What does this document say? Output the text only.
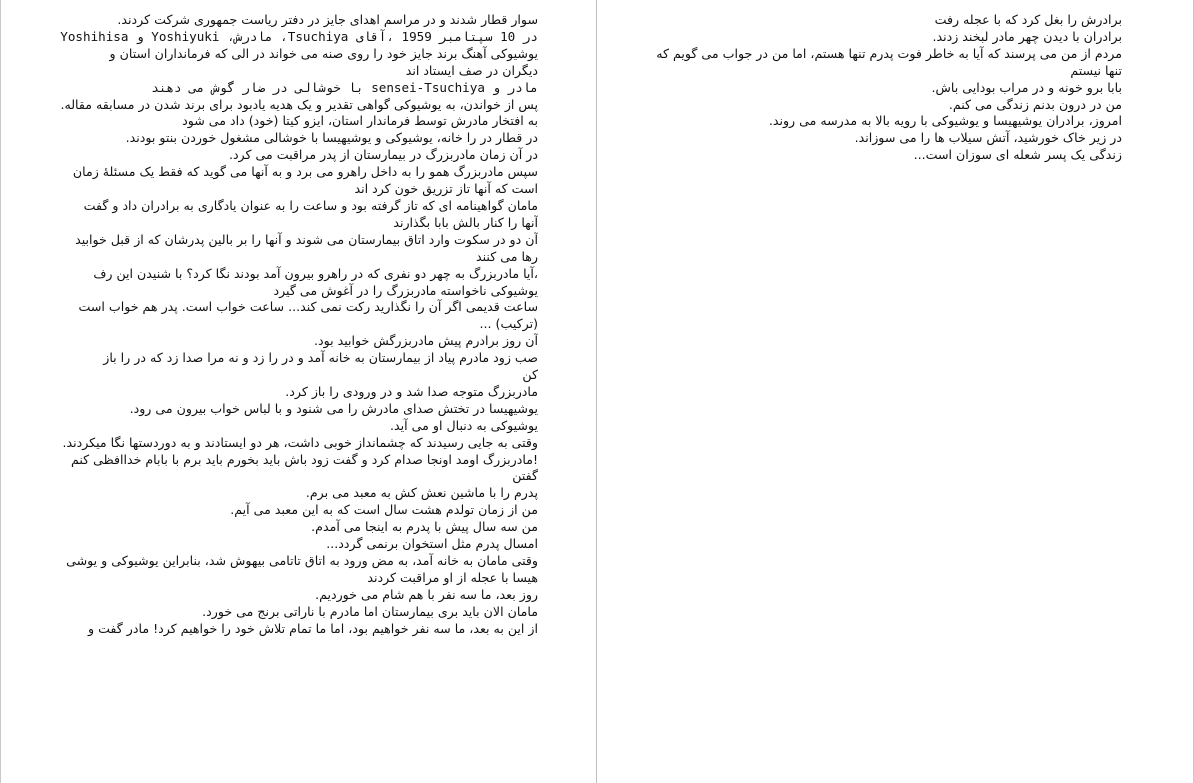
سوار قطار شدند و در مراسم اهدای جایز در دفتر ریاست جمهوری شرکت کردند.
در 10 سپتامبر 1959 ،آقای Tsuchiya، مادرش، Yoshiyuki و Yoshihisa
یوشیوکی آهنگ برند جایز خود را روی صنه می خواند در الی که فرمانداران استان و
دیگران در صف ایستاد اند
مادر و sensei-Tsuchiya با خوشالی در ضار گوش می دهند
پس از خواندن، به یوشیوکی گواهی تقدیر و یک هدیه یادبود برای برند شدن در مسابقه مقاله.
به افتخار مادرش توسط فرماندار استان، ایزو کیتا (خود) داد می شود
در قطار در را خانه، یوشیوکی و یوشیهیسا با خوشالی مشغول خوردن بنتو بودند.
در آن زمان مادربزرگ در بیمارستان از پدر مراقبت می کرد.
سپس مادربزرگ همو را به داخل راهرو می برد و به آنها می گوید که فقط یک مسئلهٔ زمان
است که آنها تاز تزریق خون کرد اند
مامان گواهینامه ای که تاز گرفته بود و ساعت را به عنوان یادگاری به برادران داد و گفت
آنها را کنار بالش بابا بگذارند
آن دو در سکوت وارد اتاق بیمارستان می شوند و آنها را بر بالین پدرشان که از قبل خوابید
رها می کنند
،آیا مادربزرگ به چهر دو نفری که در راهرو بیرون آمد بودند نگا کرد؟ با شنیدن این رف
یوشیوکی ناخواسته مادربزرگ را در آغوش می گیرد
ساعت قدیمی اگر آن را نگذارید رکت نمی کند... ساعت خواب است. پدر هم خواب است
(ترکیب) ...
آن روز برادرم پیش مادربزرگش خوابید بود.
صب زود مادرم پیاد از بیمارستان به خانه آمد و در را زد و نه مرا صدا زد که در را باز
کن
مادربزرگ متوجه صدا شد و در ورودی را باز کرد.
یوشیهیسا در تختش صدای مادرش را می شنود و با لباس خواب بیرون می رود.
یوشیوکی به دنبال او می آید.
وقتی به جایی رسیدند که چشمانداز خوبی داشت، هر دو ایستادند و به دوردستها نگا میکردند.
!مادربزرگ اومد اونجا صدام کرد و گفت زود باش باید بخورم باید برم با بابام خداافظی کنم
گفتن
پدرم را با ماشین نعش کش به معبد می برم.
من از زمان تولدم هشت سال است که به این معبد می آیم.
من سه سال پیش با پدرم به اینجا می آمدم.
امسال پدرم مثل استخوان برنمی گردد...
وقتی مامان به خانه آمد، به مض ورود به اتاق تاتامی بیهوش شد، بنابراین یوشیوکی و یوشی
هیسا با عجله از او مراقبت کردند
روز بعد، ما سه نفر با هم شام می خوردیم.
مامان الان باید بری بیمارستان اما مادرم با ناراتی برنج می خورد.
از این به بعد، ما سه نفر خواهیم بود، اما ما تمام تلاش خود را خواهیم کرد! مادر گفت و
برادرش را بغل کرد که با عجله رفت
برادران با دیدن چهر مادر لبخند زدند.
مردم از من می پرسند که آیا به خاطر فوت پدرم تنها هستم، اما من در جواب می گویم که
تنها نیستم
بابا برو خونه و در مراب بودایی باش.
من در درون بدنم زندگی می کنم.
امروز، برادران یوشیهیسا و یوشیوکی با رویه بالا به مدرسه می روند.
در زیر خاک خورشید، آتش سیلاب ها را می سوزاند.
زندگی یک پسر شعله ای سوزان است...
